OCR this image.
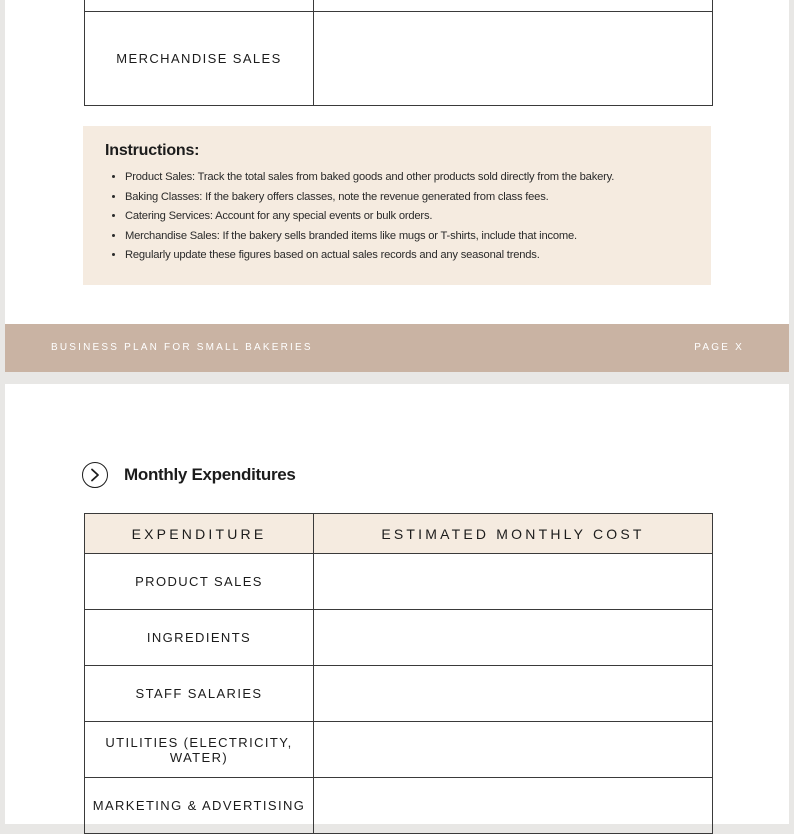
MERCHANDISE SALES	
Instructions:
• Product Sales: Track the total sales from baked goods and other products sold directly from the bakery.
• Baking Classes: If the bakery offers classes, note the revenue generated from class fees.
• Catering Services: Account for any special events or bulk orders.
• Merchandise Sales: If the bakery sells branded items like mugs or T-shirts, include that income.
• Regularly update these figures based on actual sales records and any seasonal trends.
BUSINESS PLAN FOR SMALL BAKERIES	PAGE X
Monthly Expenditures
EXPENDITURE	ESTIMATED MONTHLY COST
PRODUCT SALES	
INGREDIENTS	
STAFF SALARIES	
UTILITIES (ELECTRICITY, WATER)	
MARKETING & ADVERTISING	
